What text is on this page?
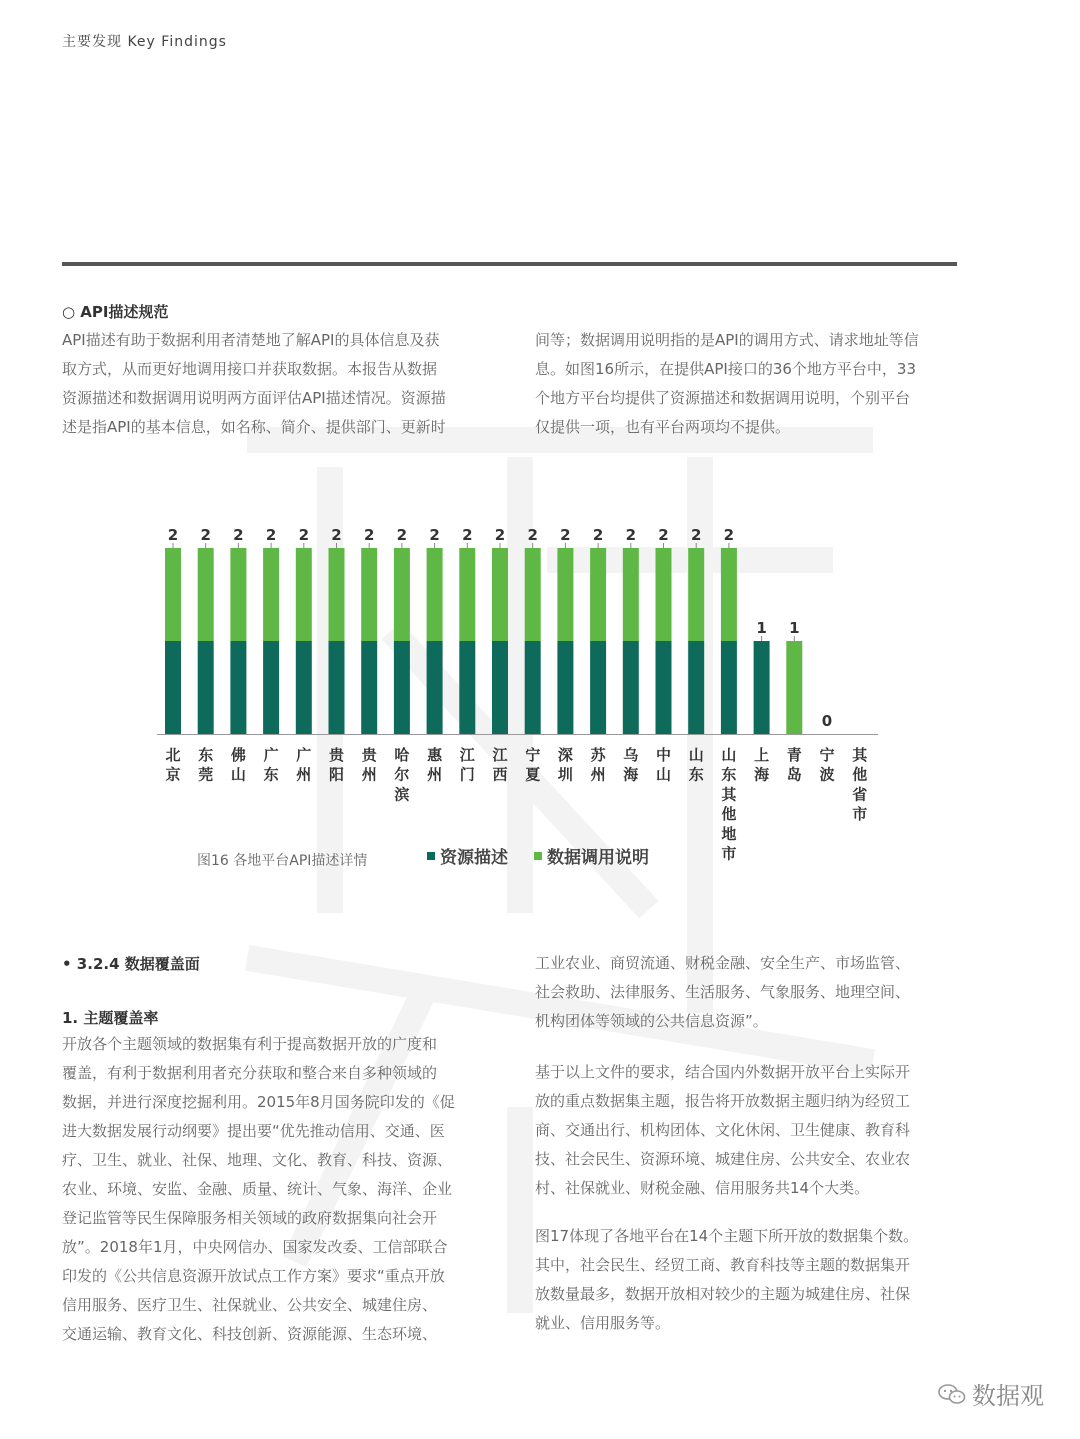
主要发现 Key Findings
○ API描述规范
API描述有助于数据利用者清楚地了解API的具体信息及获
取方式，从而更好地调用接口并获取数据。本报告从数据
资源描述和数据调用说明两方面评估API描述情况。资源描
述是指API的基本信息，如名称、简介、提供部门、更新时
间等；数据调用说明指的是API的调用方式、请求地址等信
息。如图16所示，在提供API接口的36个地方平台中，33
个地方平台均提供了资源描述和数据调用说明，个别平台
仅提供一项，也有平台两项均不提供。
2
北京
2
东莞
2
佛山
2
广东
2
广州
2
贵阳
2
贵州
2
哈尔滨
2
惠州
2
江门
2
江西
2
宁夏
2
深圳
2
苏州
2
乌海
2
中山
2
山东
2
山东其他地市
1
上海
1
青岛
0
宁波
其他省市
图16 各地平台API描述详情	资源描述 数据调用说明
• 3.2.4 数据覆盖面
1. 主题覆盖率
开放各个主题领域的数据集有利于提高数据开放的广度和
覆盖，有利于数据利用者充分获取和整合来自多种领域的
数据，并进行深度挖掘利用。2015年8月国务院印发的《促
进大数据发展行动纲要》提出要“优先推动信用、交通、医
疗、卫生、就业、社保、地理、文化、教育、科技、资源、
农业、环境、安监、金融、质量、统计、气象、海洋、企业
登记监管等民生保障服务相关领域的政府数据集向社会开
放”。2018年1月，中央网信办、国家发改委、工信部联合
印发的《公共信息资源开放试点工作方案》要求“重点开放
信用服务、医疗卫生、社保就业、公共安全、城建住房、
交通运输、教育文化、科技创新、资源能源、生态环境、
工业农业、商贸流通、财税金融、安全生产、市场监管、
社会救助、法律服务、生活服务、气象服务、地理空间、
机构团体等领域的公共信息资源”。
基于以上文件的要求，结合国内外数据开放平台上实际开
放的重点数据集主题，报告将开放数据主题归纳为经贸工
商、交通出行、机构团体、文化休闲、卫生健康、教育科
技、社会民生、资源环境、城建住房、公共安全、农业农
村、社保就业、财税金融、信用服务共14个大类。
图17体现了各地平台在14个主题下所开放的数据集个数。
其中，社会民生、经贸工商、教育科技等主题的数据集开
放数量最多，数据开放相对较少的主题为城建住房、社保
就业、信用服务等。
数据观
